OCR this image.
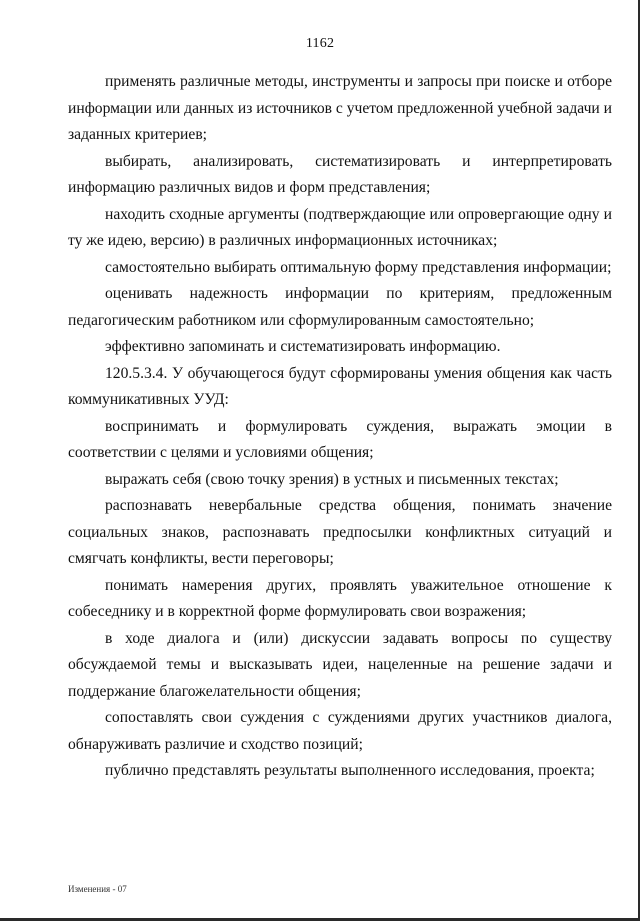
1162

применять различные методы, инструменты и запросы при поиске и отборе информации или данных из источников с учетом предложенной учебной задачи и заданных критериев;

выбирать, анализировать, систематизировать и интерпретировать информацию различных видов и форм представления;

находить сходные аргументы (подтверждающие или опровергающие одну и ту же идею, версию) в различных информационных источниках;

самостоятельно выбирать оптимальную форму представления информации;

оценивать надежность информации по критериям, предложенным педагогическим работником или сформулированным самостоятельно;

эффективно запоминать и систематизировать информацию.

120.5.3.4. У обучающегося будут сформированы умения общения как часть коммуникативных УУД:

воспринимать и формулировать суждения, выражать эмоции в соответствии с целями и условиями общения;

выражать себя (свою точку зрения) в устных и письменных текстах;

распознавать невербальные средства общения, понимать значение социальных знаков, распознавать предпосылки конфликтных ситуаций и смягчать конфликты, вести переговоры;

понимать намерения других, проявлять уважительное отношение к собеседнику и в корректной форме формулировать свои возражения;

в ходе диалога и (или) дискуссии задавать вопросы по существу обсуждаемой темы и высказывать идеи, нацеленные на решение задачи и поддержание благожелательности общения;

сопоставлять свои суждения с суждениями других участников диалога, обнаруживать различие и сходство позиций;

публично представлять результаты выполненного исследования, проекта;

Изменения - 07
